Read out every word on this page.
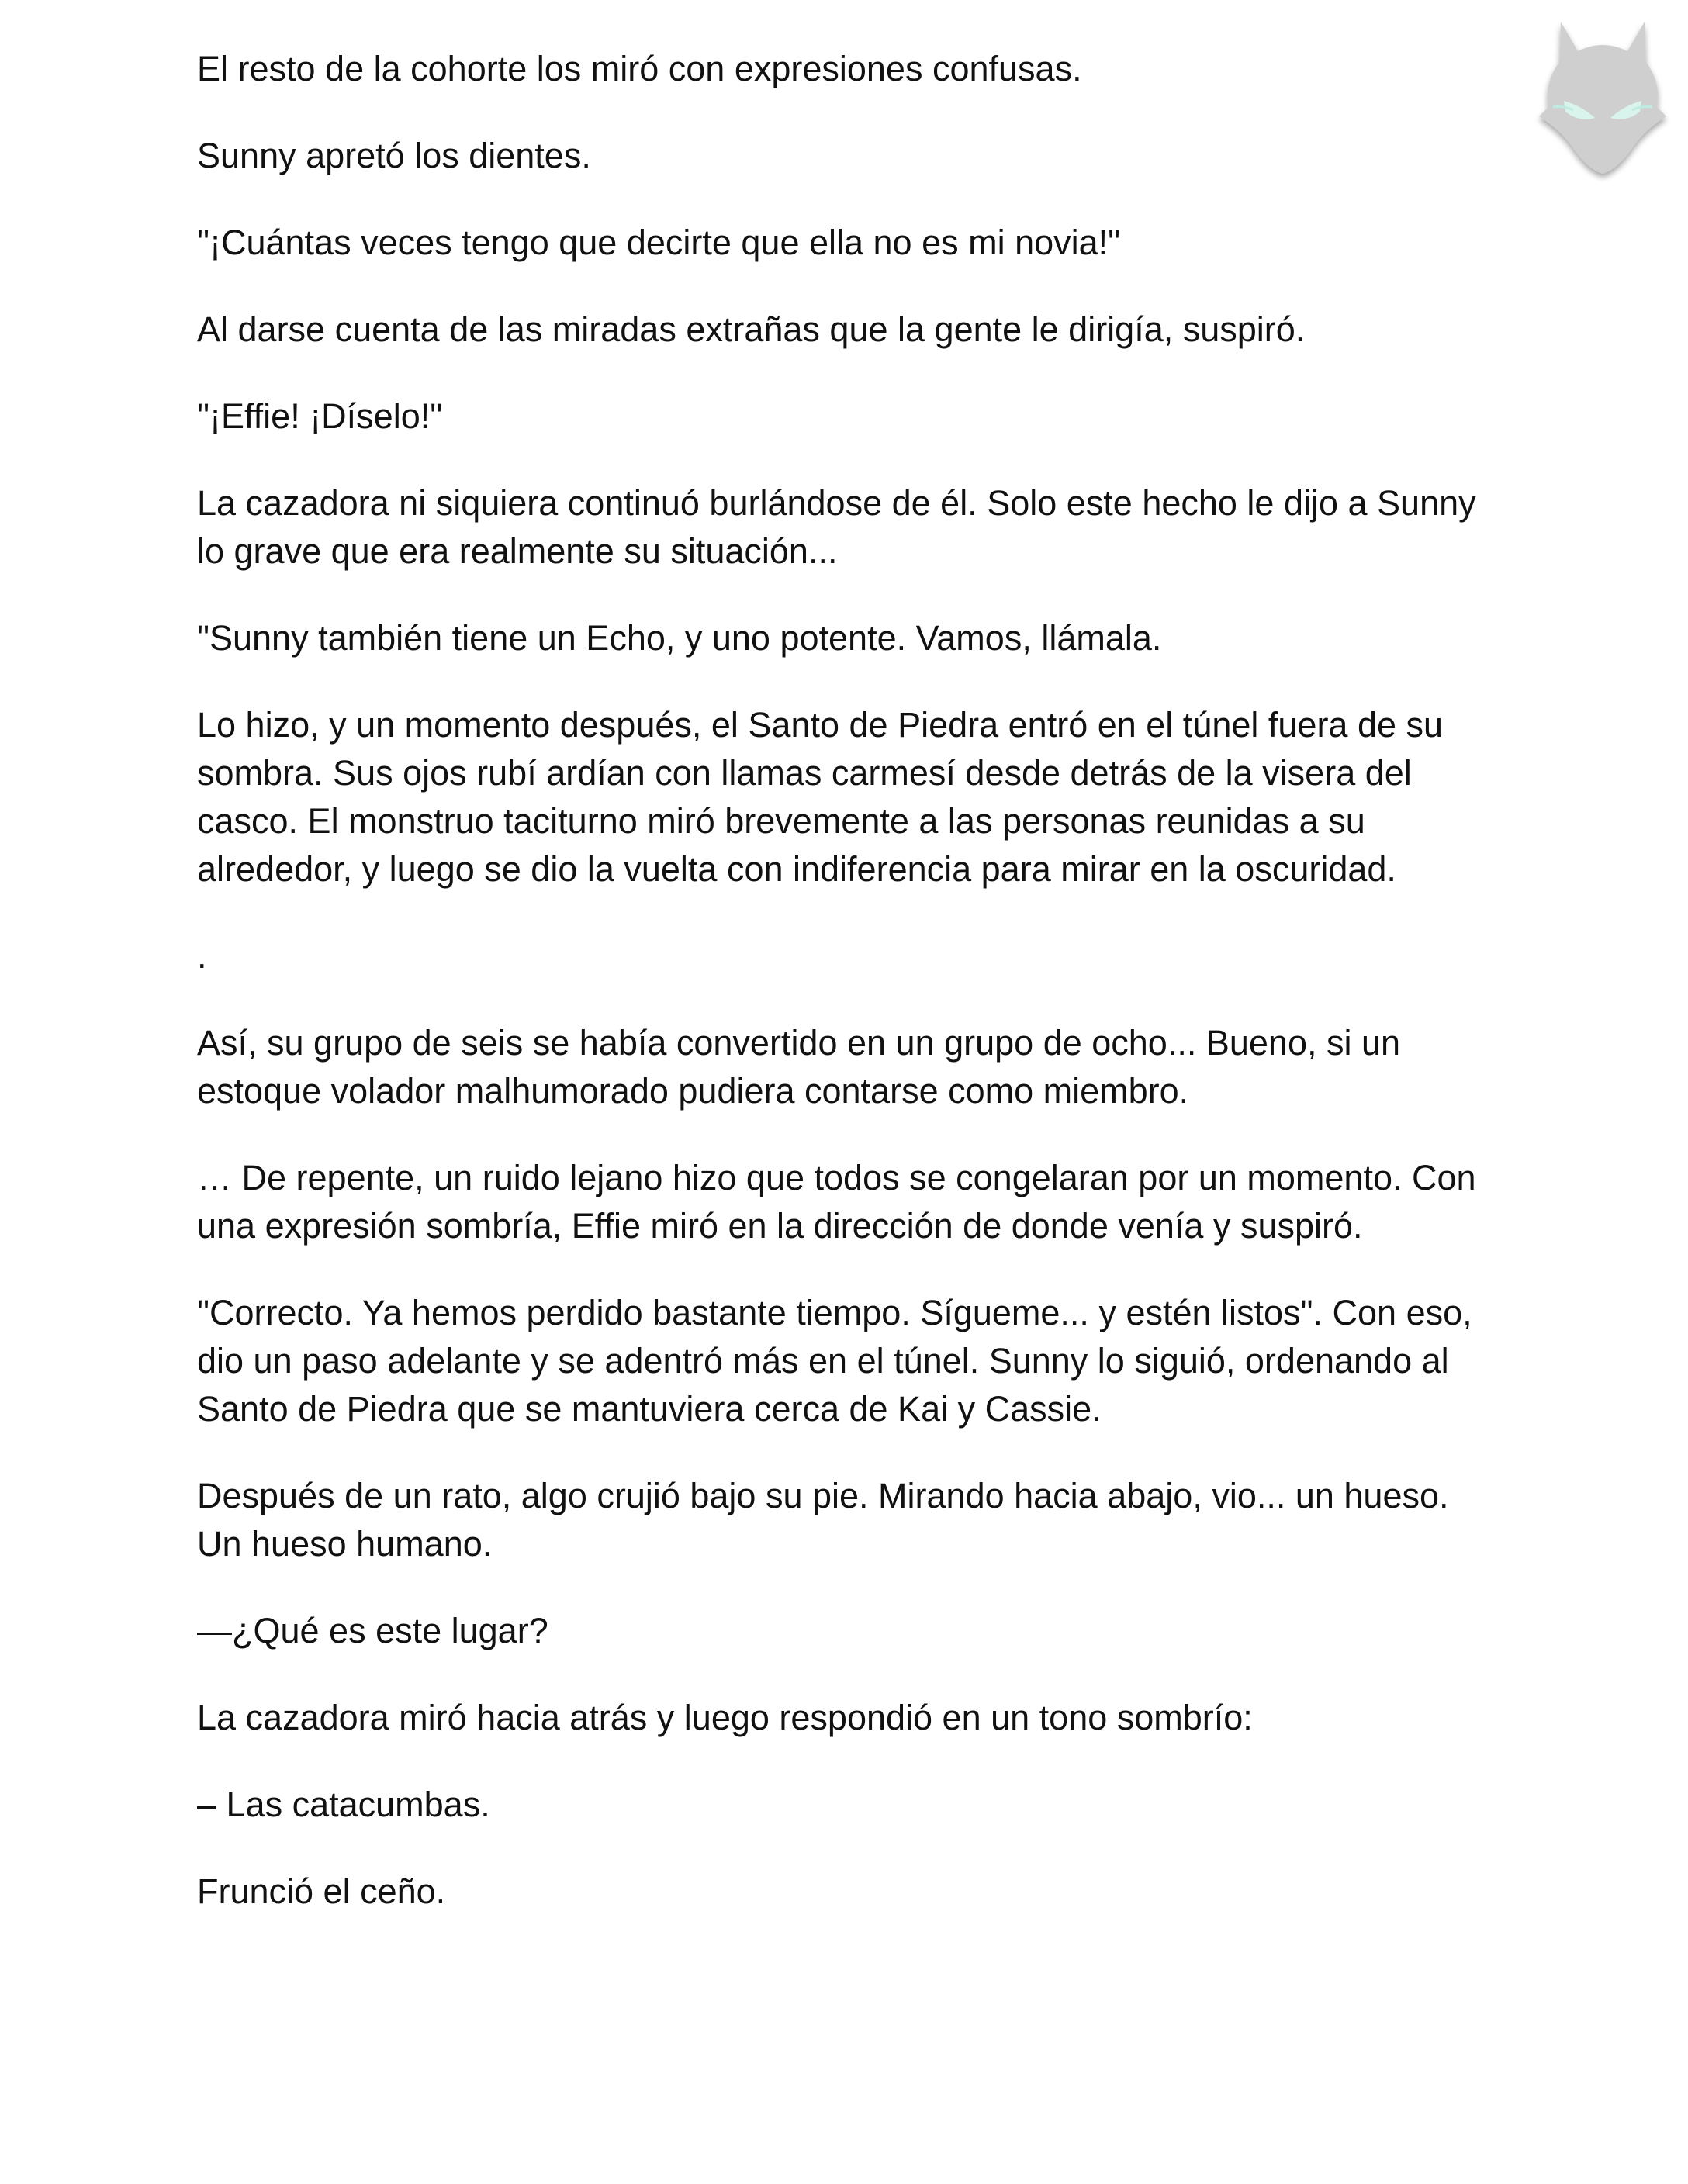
El resto de la cohorte los miró con expresiones confusas.

Sunny apretó los dientes.

"¡Cuántas veces tengo que decirte que ella no es mi novia!"

Al darse cuenta de las miradas extrañas que la gente le dirigía, suspiró.

"¡Effie! ¡Díselo!"

La cazadora ni siquiera continuó burlándose de él. Solo este hecho le dijo a Sunny lo grave que era realmente su situación...

"Sunny también tiene un Echo, y uno potente. Vamos, llámala.

Lo hizo, y un momento después, el Santo de Piedra entró en el túnel fuera de su sombra. Sus ojos rubí ardían con llamas carmesí desde detrás de la visera del casco. El monstruo taciturno miró brevemente a las personas reunidas a su alrededor, y luego se dio la vuelta con indiferencia para mirar en la oscuridad.

.

Así, su grupo de seis se había convertido en un grupo de ocho... Bueno, si un estoque volador malhumorado pudiera contarse como miembro.

… De repente, un ruido lejano hizo que todos se congelaran por un momento. Con una expresión sombría, Effie miró en la dirección de donde venía y suspiró.

"Correcto. Ya hemos perdido bastante tiempo. Sígueme... y estén listos". Con eso, dio un paso adelante y se adentró más en el túnel. Sunny lo siguió, ordenando al Santo de Piedra que se mantuviera cerca de Kai y Cassie.

Después de un rato, algo crujió bajo su pie. Mirando hacia abajo, vio... un hueso. Un hueso humano.

—¿Qué es este lugar?

La cazadora miró hacia atrás y luego respondió en un tono sombrío:

– Las catacumbas.

Frunció el ceño.
